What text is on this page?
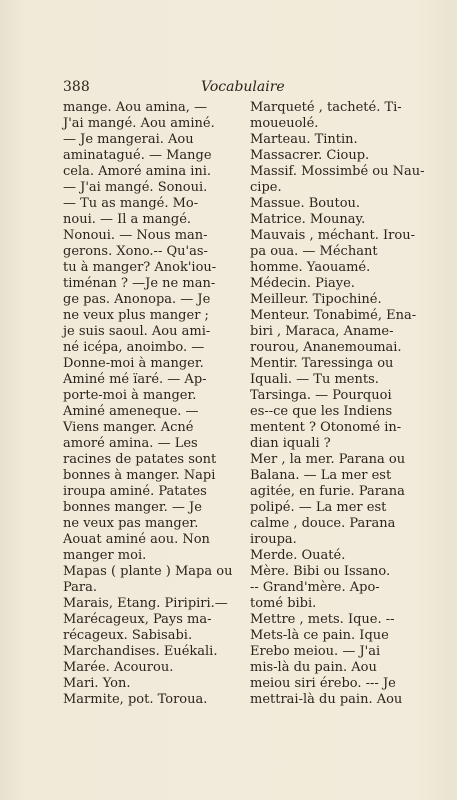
388	Vocabulaire
mange. Aou amina, —
J'ai mangé. Aou aminé.
— Je mangerai. Aou
aminatagué. — Mange
cela. Amoré amina ini.
— J'ai mangé. Sonoui.
— Tu as mangé. Mo-
noui. — Il a mangé.
Nonoui. — Nous man-
gerons. Xono.-- Qu'as-
tu à manger? Anok'iou-
timénan ? —Je ne man-
ge pas. Anonopa. — Je
ne veux plus manger ;
je suis saoul. Aou ami-
né icépa, anoimbo. —
Donne-moi à manger.
Aminé mé ïaré. — Ap-
porte-moi à manger.
Aminé ameneque. —
Viens manger. Acné
amoré amina. — Les
racines de patates sont
bonnes à manger. Napi
iroupa aminé. Patates
bonnes manger. — Je
ne veux pas manger.
Aouat aminé aou. Non
manger moi.
Mapas ( plante ) Mapa ou
Para.
Marais, Etang. Piripiri.—
Marécageux, Pays ma-
récageux. Sabisabi.
Marchandises. Euékali.
Marée. Acourou.
Mari. Yon.
Marmite, pot. Toroua.
Marqueté , tacheté. Ti-
moueuolé.
Marteau. Tintin.
Massacrer. Cioup.
Massif. Mossimbé ou Nau-
cipe.
Massue. Boutou.
Matrice. Mounay.
Mauvais , méchant. Irou-
pa oua. — Méchant
homme. Yaouamé.
Médecin. Piaye.
Meilleur. Tipochiné.
Menteur. Tonabimé, Ena-
biri , Maraca, Aname-
rourou, Ananemoumai.
Mentir. Taressinga ou
Iquali. — Tu ments.
Tarsinga. — Pourquoi
es--ce que les Indiens
mentent ? Otonomé in-
dian iquali ?
Mer , la mer. Parana ou
Balana. — La mer est
agitée, en furie. Parana
polipé. — La mer est
calme , douce. Parana
iroupa.
Merde. Ouaté.
Mère. Bibi ou Issano.
-- Grand'mère. Apo-
tomé bibi.
Mettre , mets. Ique. --
Mets-là ce pain. Ique
Erebo meiou. — J'ai
mis-là du pain. Aou
meiou siri érebo. --- Je
mettrai-là du pain. Aou
